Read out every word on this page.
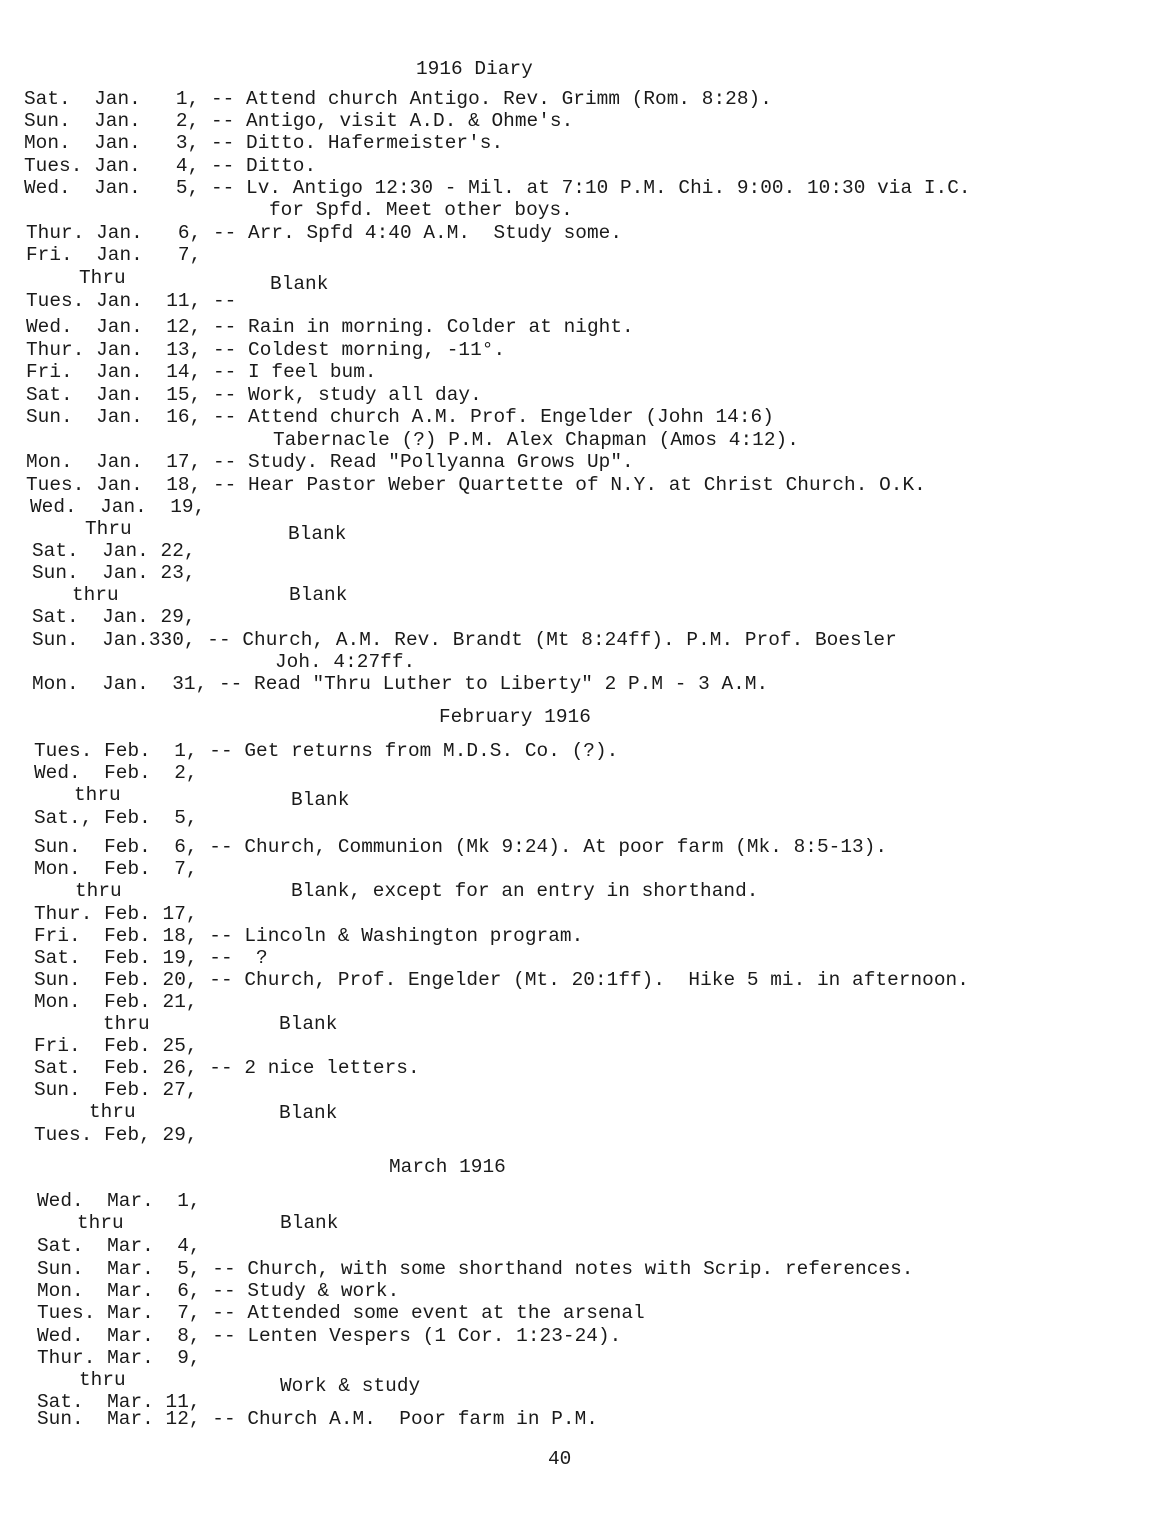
1916 Diary
Sat.  Jan.   1, -- Attend church Antigo. Rev. Grimm (Rom. 8:28).
Sun.  Jan.   2, -- Antigo, visit A.D. & Ohme's.
Mon.  Jan.   3, -- Ditto. Hafermeister's.
Tues. Jan.   4, -- Ditto.
Wed.  Jan.   5, -- Lv. Antigo 12:30 - Mil. at 7:10 P.M. Chi. 9:00. 10:30 via I.C.
for Spfd. Meet other boys.
Thur. Jan.   6, -- Arr. Spfd 4:40 A.M.  Study some.
Fri.  Jan.   7,
Thru	Blank
Tues. Jan.  11, --
Wed.  Jan.  12, -- Rain in morning. Colder at night.
Thur. Jan.  13, -- Coldest morning, -11°.
Fri.  Jan.  14, -- I feel bum.
Sat.  Jan.  15, -- Work, study all day.
Sun.  Jan.  16, -- Attend church A.M. Prof. Engelder (John 14:6)
Tabernacle (?) P.M. Alex Chapman (Amos 4:12).
Mon.  Jan.  17, -- Study. Read "Pollyanna Grows Up".
Tues. Jan.  18, -- Hear Pastor Weber Quartette of N.Y. at Christ Church. O.K.
Wed.  Jan.  19,
Thru	Blank
Sat.  Jan. 22,
Sun.  Jan. 23,
thru	Blank
Sat.  Jan. 29,
Sun.  Jan.330, -- Church, A.M. Rev. Brandt (Mt 8:24ff). P.M. Prof. Boesler
Joh. 4:27ff.
Mon.  Jan.  31, -- Read "Thru Luther to Liberty" 2 P.M - 3 A.M.
February 1916
Tues. Feb.  1, -- Get returns from M.D.S. Co. (?).
Wed.  Feb.  2,
thru	Blank
Sat., Feb.  5,
Sun.  Feb.  6, -- Church, Communion (Mk 9:24). At poor farm (Mk. 8:5-13).
Mon.  Feb.  7,
thru	Blank, except for an entry in shorthand.
Thur. Feb. 17,
Fri.  Feb. 18, -- Lincoln & Washington program.
Sat.  Feb. 19, --  ?
Sun.  Feb. 20, -- Church, Prof. Engelder (Mt. 20:1ff).  Hike 5 mi. in afternoon.
Mon.  Feb. 21,
thru	Blank
Fri.  Feb. 25,
Sat.  Feb. 26, -- 2 nice letters.
Sun.  Feb. 27,
thru	Blank
Tues. Feb, 29,
March 1916
Wed.  Mar.  1,
thru	Blank
Sat.  Mar.  4,
Sun.  Mar.  5, -- Church, with some shorthand notes with Scrip. references.
Mon.  Mar.  6, -- Study & work.
Tues. Mar.  7, -- Attended some event at the arsenal
Wed.  Mar.  8, -- Lenten Vespers (1 Cor. 1:23-24).
Thur. Mar.  9,
thru	Work & study
Sat.  Mar. 11,
Sun.  Mar. 12, -- Church A.M.  Poor farm in P.M.
40
